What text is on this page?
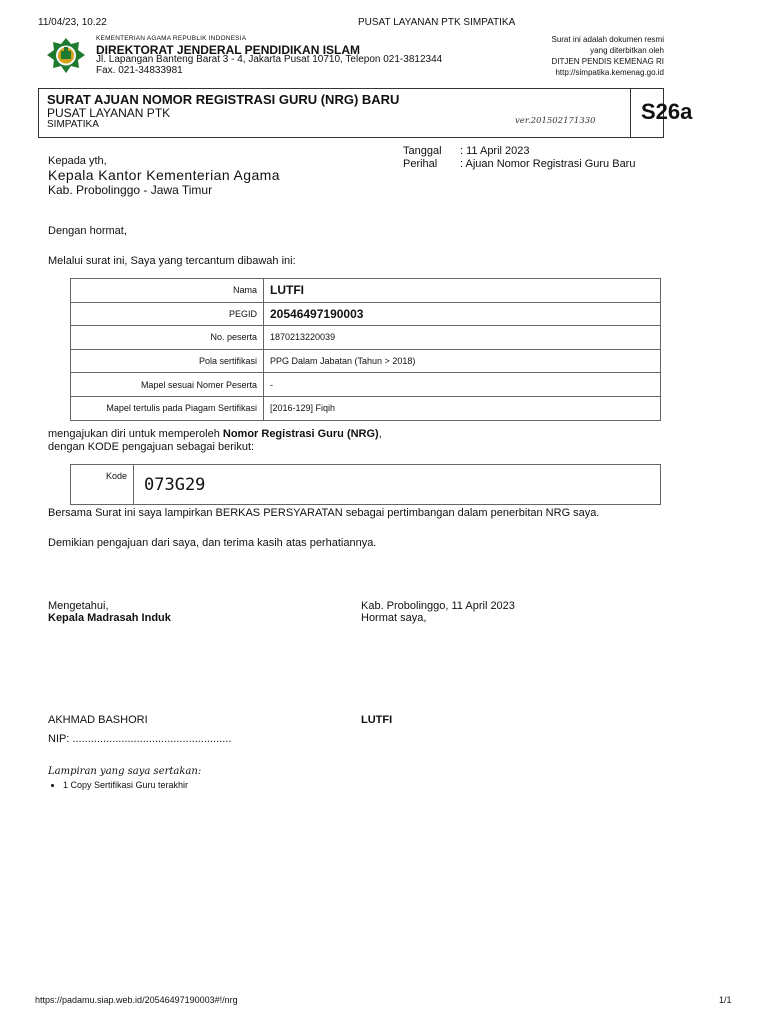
11/04/23, 10.22	PUSAT LAYANAN PTK SIMPATIKA
KEMENTERIAN AGAMA REPUBLIK INDONESIA
DIREKTORAT JENDERAL PENDIDIKAN ISLAM
Jl. Lapangan Banteng Barat 3 - 4, Jakarta Pusat 10710, Telepon 021-3812344
Fax. 021-34833981
Surat ini adalah dokumen resmi
yang diterbitkan oleh
DITJEN PENDIS KEMENAG RI
http://simpatika.kemenag.go.id
SURAT AJUAN NOMOR REGISTRASI GURU (NRG) BARU
PUSAT LAYANAN PTK
SIMPATIKA	ver.201502171330 S26a
Tanggal : 11 April 2023
Perihal : Ajuan Nomor Registrasi Guru Baru
Kepada yth,
Kepala Kantor Kementerian Agama
Kab. Probolinggo - Jawa Timur
Dengan hormat,
Melalui surat ini, Saya yang tercantum dibawah ini:
Nama	LUTFI
PEGID	20546497190003
No. peserta	1870213220039
Pola sertifikasi	PPG Dalam Jabatan (Tahun > 2018)
Mapel sesuai Nomer Peserta	-
Mapel tertulis pada Piagam Sertifikasi	[2016-129] Fiqih
mengajukan diri untuk memperoleh Nomor Registrasi Guru (NRG),
dengan KODE pengajuan sebagai berikut:
Kode	073G29
Bersama Surat ini saya lampirkan BERKAS PERSYARATAN sebagai pertimbangan dalam penerbitan NRG saya.
Demikian pengajuan dari saya, dan terima kasih atas perhatiannya.
Mengetahui,
Kepala Madrasah Induk
Kab. Probolinggo, 11 April 2023
Hormat saya,
AKHMAD BASHORI
NIP: ....................................................
LUTFI
Lampiran yang saya sertakan:
• 1 Copy Sertifikasi Guru terakhir
https://padamu.siap.web.id/20546497190003#!/nrg	1/1
